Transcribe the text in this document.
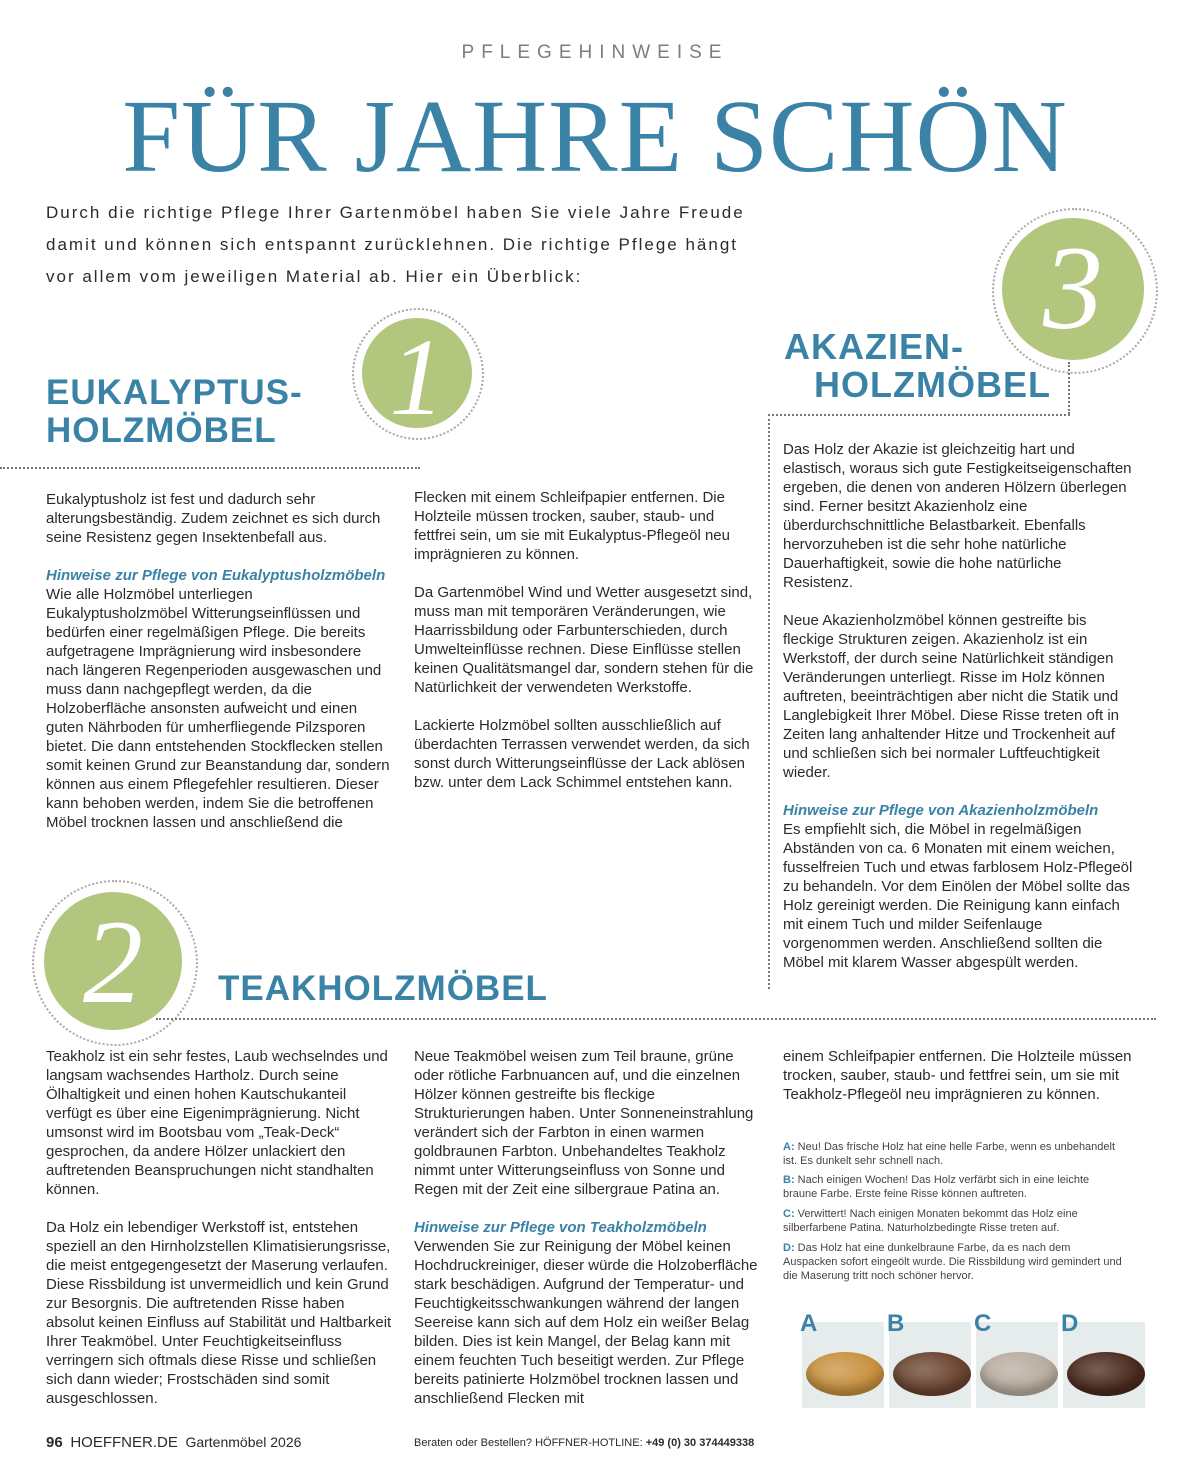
PFLEGEHINWEISE
FÜR JAHRE SCHÖN
Durch die richtige Pflege Ihrer Gartenmöbel haben Sie viele Jahre Freude damit und können sich entspannt zurücklehnen. Die richtige Pflege hängt vor allem vom jeweiligen Material ab. Hier ein Überblick:
EUKALYPTUS-
HOLZMÖBEL	1

Eukalyptusholz ist fest und dadurch sehr alterungsbeständig. Zudem zeichnet es sich durch seine Resistenz gegen Insektenbefall aus.

Hinweise zur Pflege von Eukalyptusholzmöbeln
Wie alle Holzmöbel unterliegen Eukalyptusholzmöbel Witterungseinflüssen und bedürfen einer regelmäßigen Pflege. Die bereits aufgetragene Imprägnierung wird insbesondere nach längeren Regenperioden ausgewaschen und muss dann nachgepflegt werden, da die Holzoberfläche ansonsten aufweicht und einen guten Nährboden für umherfliegende Pilzsporen bietet. Die dann entstehenden Stockflecken stellen somit keinen Grund zur Beanstandung dar, sondern können aus einem Pflegefehler resultieren. Dieser kann behoben werden, indem Sie die betroffenen Möbel trocknen lassen und anschließend die

Flecken mit einem Schleifpapier entfernen. Die Holzteile müssen trocken, sauber, staub- und fettfrei sein, um sie mit Eukalyptus-Pflegeöl neu imprägnieren zu können.

Da Gartenmöbel Wind und Wetter ausgesetzt sind, muss man mit temporären Veränderungen, wie Haarrissbildung oder Farbunterschieden, durch Umwelteinflüsse rechnen. Diese Einflüsse stellen keinen Qualitätsmangel dar, sondern stehen für die Natürlichkeit der verwendeten Werkstoffe.

Lackierte Holzmöbel sollten ausschließlich auf überdachten Terrassen verwendet werden, da sich sonst durch Witterungseinflüsse der Lack ablösen bzw. unter dem Lack Schimmel entstehen kann.

3
AKAZIEN-
HOLZMÖBEL

Das Holz der Akazie ist gleichzeitig hart und elastisch, woraus sich gute Festigkeitseigenschaften ergeben, die denen von anderen Hölzern überlegen sind. Ferner besitzt Akazienholz eine überdurchschnittliche Belastbarkeit. Ebenfalls hervorzuheben ist die sehr hohe natürliche Dauerhaftigkeit, sowie die hohe natürliche Resistenz.

Neue Akazienholzmöbel können gestreifte bis fleckige Strukturen zeigen. Akazienholz ist ein Werkstoff, der durch seine Natürlichkeit ständigen Veränderungen unterliegt. Risse im Holz können auftreten, beeinträchtigen aber nicht die Statik und Langlebigkeit Ihrer Möbel. Diese Risse treten oft in Zeiten lang anhaltender Hitze und Trockenheit auf und schließen sich bei normaler Luftfeuchtigkeit wieder.

Hinweise zur Pflege von Akazienholzmöbeln
Es empfiehlt sich, die Möbel in regelmäßigen Abständen von ca. 6 Monaten mit einem weichen, fusselfreien Tuch und etwas farblosem Holz-Pflegeöl zu behandeln. Vor dem Einölen der Möbel sollte das Holz gereinigt werden. Die Reinigung kann einfach mit einem Tuch und milder Seifenlauge vorgenommen werden. Anschließend sollten die Möbel mit klarem Wasser abgespült werden.
2	TEAKHOLZMÖBEL

Teakholz ist ein sehr festes, Laub wechselndes und langsam wachsendes Hartholz. Durch seine Ölhaltigkeit und einen hohen Kautschukanteil verfügt es über eine Eigenimprägnierung. Nicht umsonst wird im Bootsbau vom „Teak-Deck“ gesprochen, da andere Hölzer unlackiert den auftretenden Beanspruchungen nicht standhalten können.

Da Holz ein lebendiger Werkstoff ist, entstehen speziell an den Hirnholzstellen Klimatisierungsrisse, die meist entgegengesetzt der Maserung verlaufen. Diese Rissbildung ist unvermeidlich und kein Grund zur Besorgnis. Die auftretenden Risse haben absolut keinen Einfluss auf Stabilität und Haltbarkeit Ihrer Teakmöbel. Unter Feuchtigkeitseinfluss verringern sich oftmals diese Risse und schließen sich dann wieder; Frostschäden sind somit ausgeschlossen.

Neue Teakmöbel weisen zum Teil braune, grüne oder rötliche Farbnuancen auf, und die einzelnen Hölzer können gestreifte bis fleckige Strukturierungen haben. Unter Sonneneinstrahlung verändert sich der Farbton in einen warmen goldbraunen Farbton. Unbehandeltes Teakholz nimmt unter Witterungseinfluss von Sonne und Regen mit der Zeit eine silbergraue Patina an.

Hinweise zur Pflege von Teakholzmöbeln
Verwenden Sie zur Reinigung der Möbel keinen Hochdruckreiniger, dieser würde die Holzoberfläche stark beschädigen. Aufgrund der Temperatur- und Feuchtigkeitsschwankungen während der langen Seereise kann sich auf dem Holz ein weißer Belag bilden. Dies ist kein Mangel, der Belag kann mit einem feuchten Tuch beseitigt werden. Zur Pflege bereits patinierte Holzmöbel trocknen lassen und anschließend Flecken mit

einem Schleifpapier entfernen. Die Holzteile müssen trocken, sauber, staub- und fettfrei sein, um sie mit Teakholz-Pflegeöl neu imprägnieren zu können.

A: Neu! Das frische Holz hat eine helle Farbe, wenn es unbehandelt ist. Es dunkelt sehr schnell nach.
B: Nach einigen Wochen! Das Holz verfärbt sich in eine leichte braune Farbe. Erste feine Risse können auftreten.
C: Verwittert! Nach einigen Monaten bekommt das Holz eine silberfarbene Patina. Naturholzbedingte Risse treten auf.
D: Das Holz hat eine dunkelbraune Farbe, da es nach dem Auspacken sofort eingeölt wurde. Die Rissbildung wird gemindert und die Maserung tritt noch schöner hervor.
A	B	C	D
96 HOEFFNER.DE Gartenmöbel 2026	Beraten oder Bestellen? HÖFFNER-HOTLINE: +49 (0) 30 374449338
